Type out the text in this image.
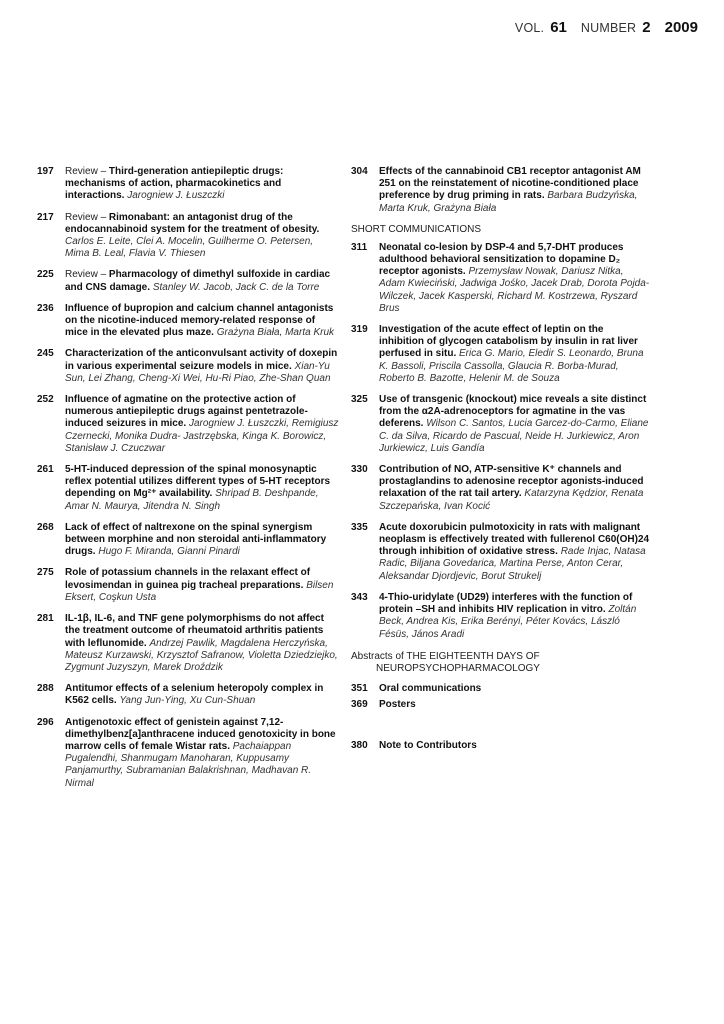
VOL. 61 NUMBER 2 2009
197	Review – Third-generation antiepileptic drugs: mechanisms of action, pharmacokinetics and interactions. Jarogniew J. Łuszczki
217	Review – Rimonabant: an antagonist drug of the endocannabinoid system for the treatment of obesity. Carlos E. Leite, Clei A. Mocelin, Guilherme O. Petersen, Mima B. Leal, Flavia V. Thiesen
225	Review – Pharmacology of dimethyl sulfoxide in cardiac and CNS damage. Stanley W. Jacob, Jack C. de la Torre
236	Influence of bupropion and calcium channel antagonists on the nicotine-induced memory-related response of mice in the elevated plus maze. Grażyna Biała, Marta Kruk
245	Characterization of the anticonvulsant activity of doxepin in various experimental seizure models in mice. Xian-Yu Sun, Lei Zhang, Cheng-Xi Wei, Hu-Ri Piao, Zhe-Shan Quan
252	Influence of agmatine on the protective action of numerous antiepileptic drugs against pentetrazole-induced seizures in mice. Jarogniew J. Łuszczki, Remigiusz Czernecki, Monika Dudra- Jastrzębska, Kinga K. Borowicz, Stanisław J. Czuczwar
261	5-HT-induced depression of the spinal monosynaptic reflex potential utilizes different types of 5-HT receptors depending on Mg²⁺ availability. Shripad B. Deshpande, Amar N. Maurya, Jitendra N. Singh
268	Lack of effect of naltrexone on the spinal synergism between morphine and non steroidal anti-inflammatory drugs. Hugo F. Miranda, Gianni Pinardi
275	Role of potassium channels in the relaxant effect of levosimendan in guinea pig tracheal preparations. Bilsen Eksert, Coşkun Usta
281	IL-1β, IL-6, and TNF gene polymorphisms do not affect the treatment outcome of rheumatoid arthritis patients with leflunomide. Andrzej Pawlik, Magdalena Herczyńska, Mateusz Kurzawski, Krzysztof Safranow, Violetta Dziedziejko, Zygmunt Juzyszyn, Marek Droździk
288	Antitumor effects of a selenium heteropoly complex in K562 cells. Yang Jun-Ying, Xu Cun-Shuan
296	Antigenotoxic effect of genistein against 7,12-dimethylbenz[a]anthracene induced genotoxicity in bone marrow cells of female Wistar rats. Pachaiappan Pugalendhi, Shanmugam Manoharan, Kuppusamy Panjamurthy, Subramanian Balakrishnan, Madhavan R. Nirmal
304	Effects of the cannabinoid CB1 receptor antagonist AM 251 on the reinstatement of nicotine-conditioned place preference by drug priming in rats. Barbara Budzyńska, Marta Kruk, Grażyna Biała
SHORT COMMUNICATIONS
311	Neonatal co-lesion by DSP-4 and 5,7-DHT produces adulthood behavioral sensitization to dopamine D₂ receptor agonists. Przemysław Nowak, Dariusz Nitka, Adam Kwieciński, Jadwiga Jośko, Jacek Drab, Dorota Pojda-Wilczek, Jacek Kasperski, Richard M. Kostrzewa, Ryszard Brus
319	Investigation of the acute effect of leptin on the inhibition of glycogen catabolism by insulin in rat liver perfused in situ. Erica G. Mario, Eledir S. Leonardo, Bruna K. Bassoli, Priscila Cassolla, Glaucia R. Borba-Murad, Roberto B. Bazotte, Helenir M. de Souza
325	Use of transgenic (knockout) mice reveals a site distinct from the α2A-adrenoceptors for agmatine in the vas deferens. Wilson C. Santos, Lucia Garcez-do-Carmo, Eliane C. da Silva, Ricardo de Pascual, Neide H. Jurkiewicz, Aron Jurkiewicz, Luis Gandía
330	Contribution of NO, ATP-sensitive K⁺ channels and prostaglandins to adenosine receptor agonists-induced relaxation of the rat tail artery. Katarzyna Kędzior, Renata Szczepańska, Ivan Kocić
335	Acute doxorubicin pulmotoxicity in rats with malignant neoplasm is effectively treated with fullerenol C60(OH)24 through inhibition of oxidative stress. Rade Injac, Natasa Radic, Biljana Govedarica, Martina Perse, Anton Cerar, Aleksandar Djordjevic, Borut Strukelj
343	4-Thio-uridylate (UD29) interferes with the function of protein –SH and inhibits HIV replication in vitro. Zoltán Beck, Andrea Kis, Erika Berényi, Péter Kovács, László Fésüs, János Aradi
Abstracts of THE EIGHTEENTH DAYS OF
NEUROPSYCHOPHARMACOLOGY
351	Oral communications
369	Posters
380	Note to Contributors
